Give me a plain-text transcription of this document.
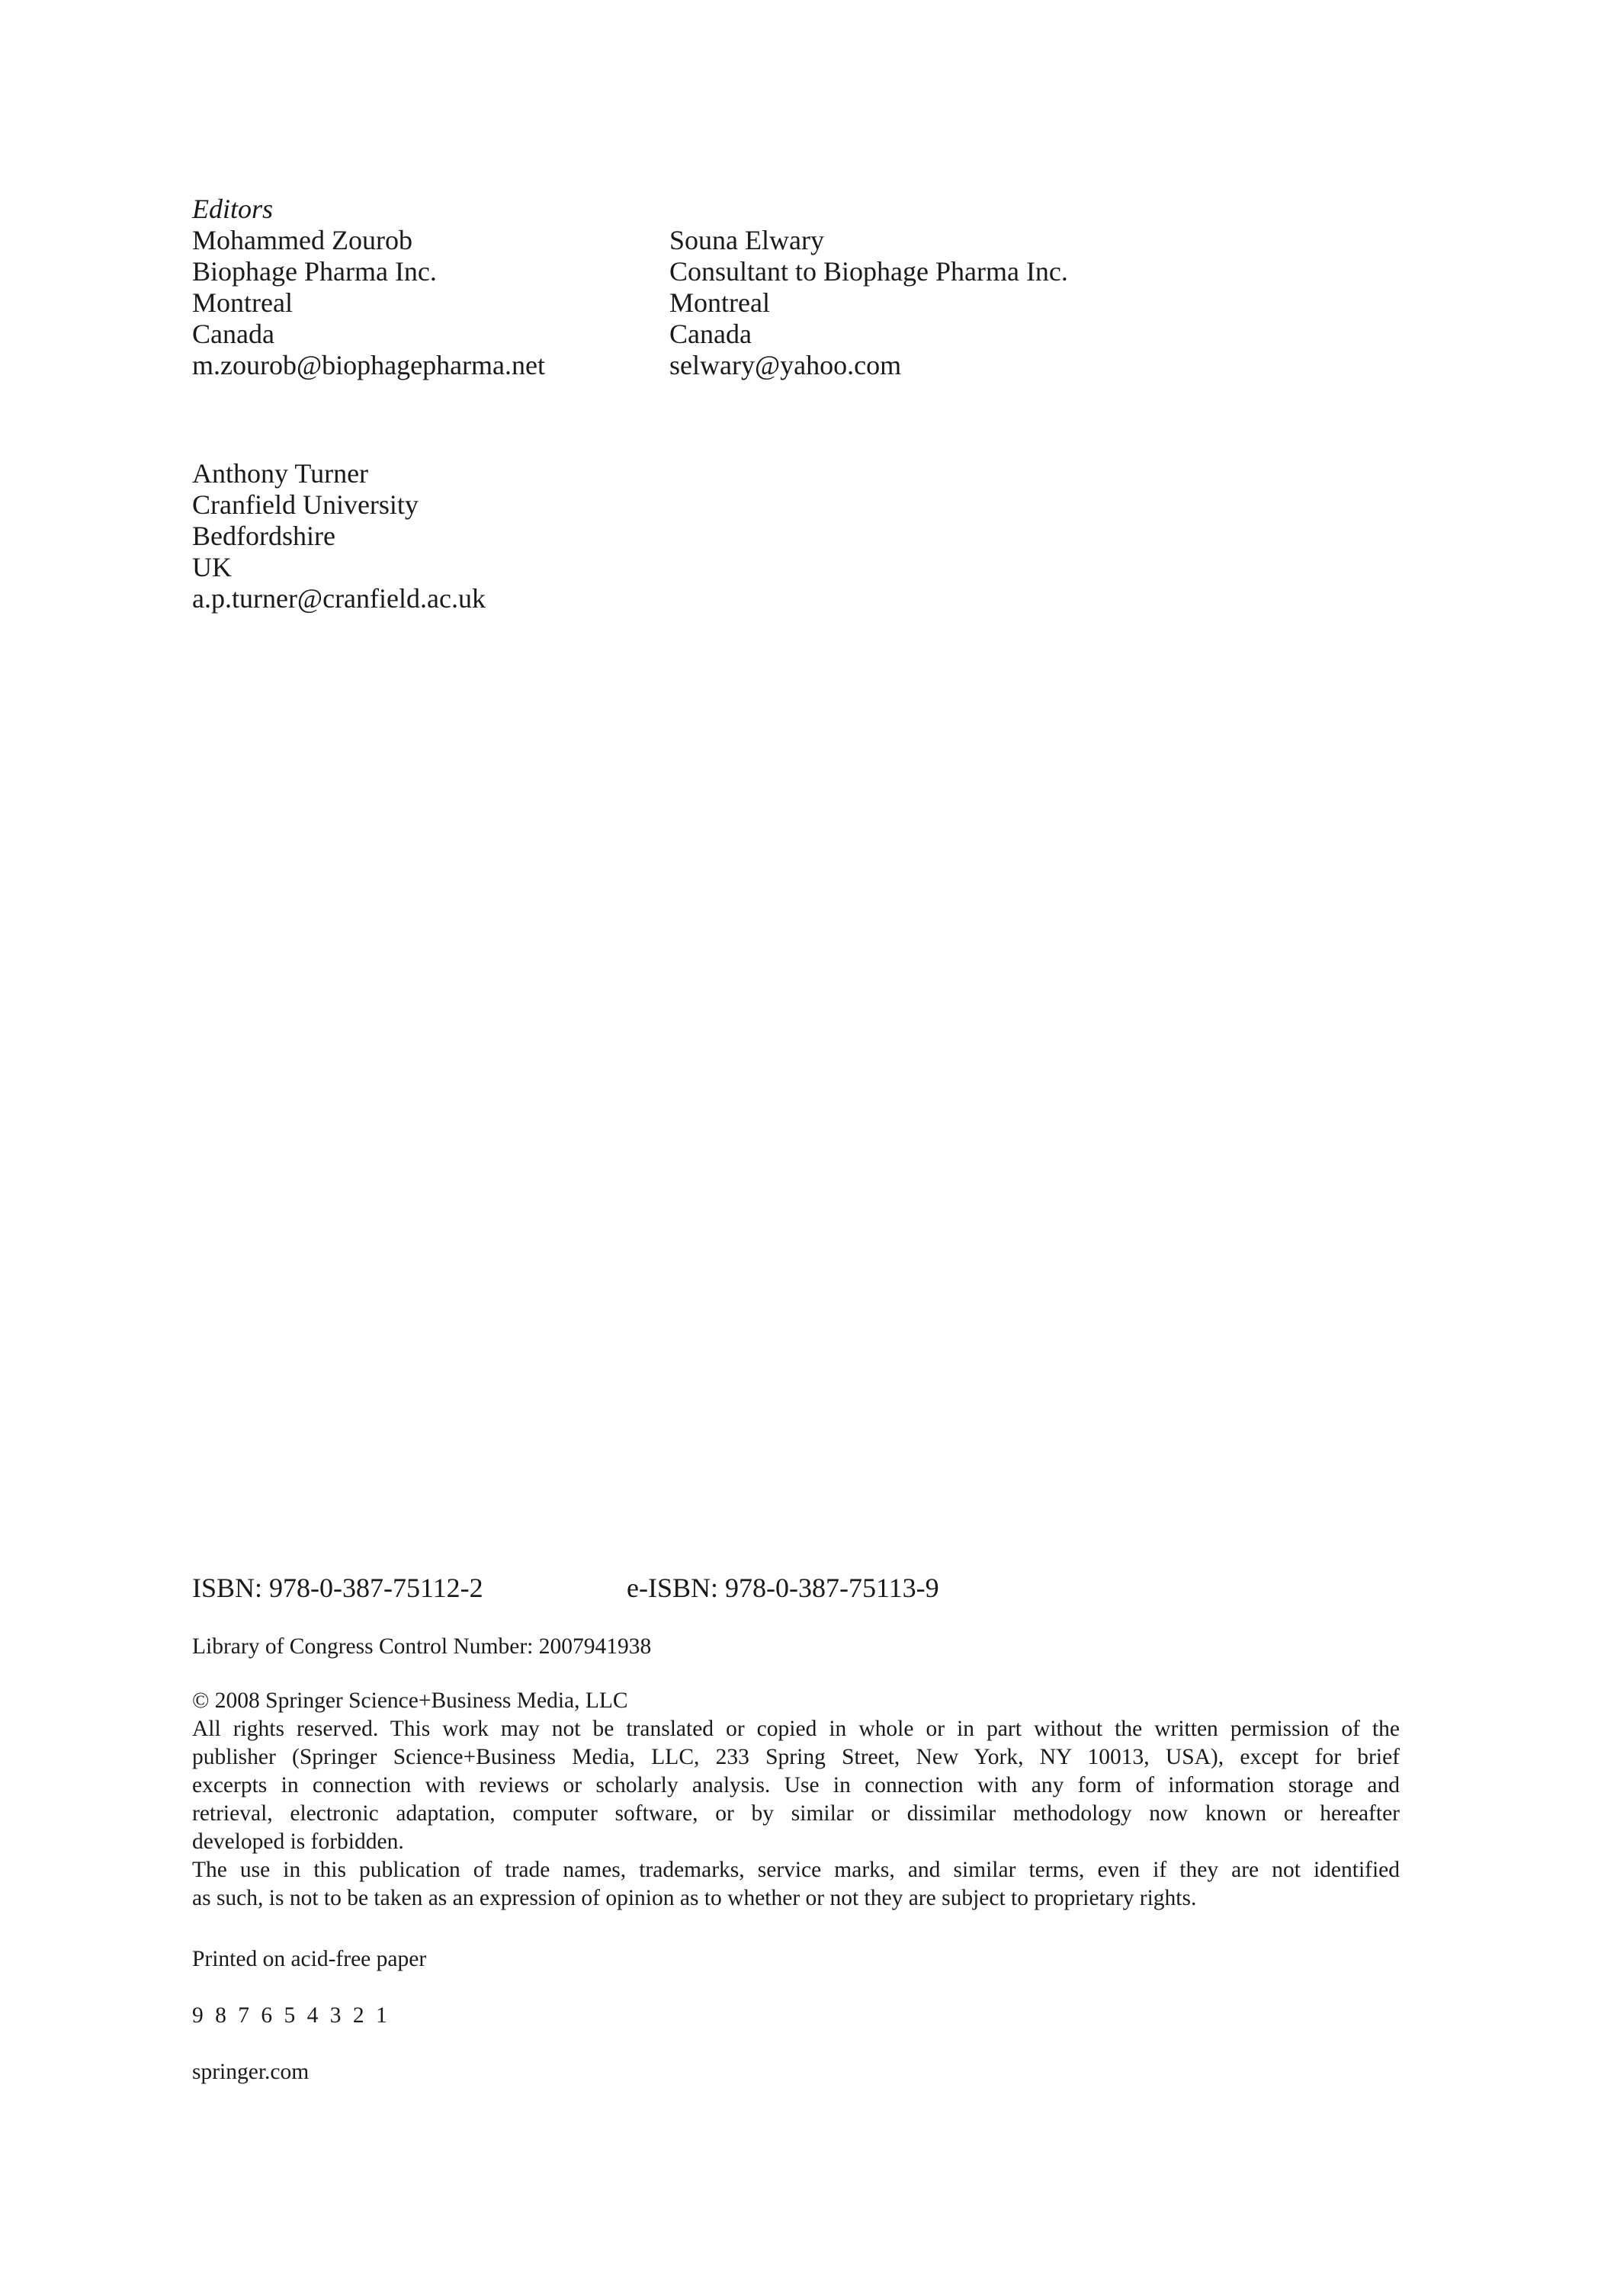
Editors
Mohammed Zourob
Biophage Pharma Inc.
Montreal
Canada
m.zourob@biophagepharma.net
Souna Elwary
Consultant to Biophage Pharma Inc.
Montreal
Canada
selwary@yahoo.com
Anthony Turner
Cranfield University
Bedfordshire
UK
a.p.turner@cranfield.ac.uk
ISBN: 978-0-387-75112-2	e-ISBN: 978-0-387-75113-9
Library of Congress Control Number: 2007941938
© 2008 Springer Science+Business Media, LLC
All rights reserved. This work may not be translated or copied in whole or in part without the written permission of the
publisher (Springer Science+Business Media, LLC, 233 Spring Street, New York, NY 10013, USA), except for brief
excerpts in connection with reviews or scholarly analysis. Use in connection with any form of information storage and
retrieval, electronic adaptation, computer software, or by similar or dissimilar methodology now known or hereafter
developed is forbidden.
The use in this publication of trade names, trademarks, service marks, and similar terms, even if they are not identified
as such, is not to be taken as an expression of opinion as to whether or not they are subject to proprietary rights.
Printed on acid-free paper
9 8 7 6 5 4 3 2 1
springer.com
